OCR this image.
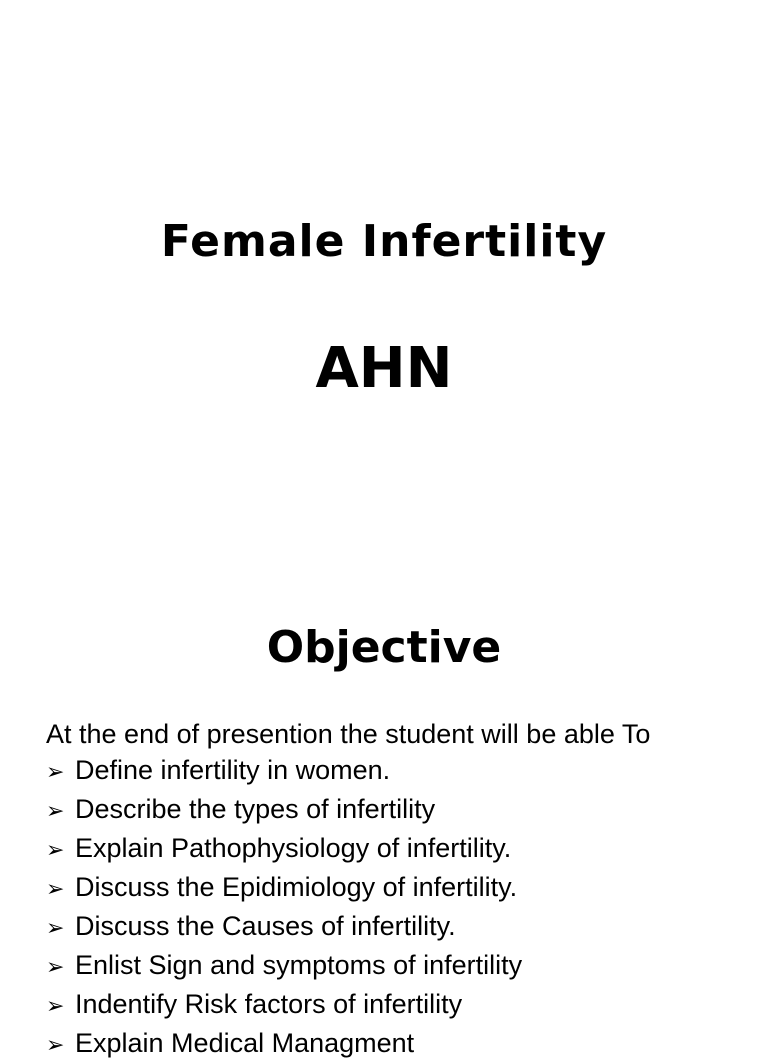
Female Infertility
AHN
Objective

At the end of presention the student will be able To

➢ Define infertility in women.
➢ Describe the types of infertility
➢ Explain Pathophysiology of infertility.
➢ Discuss the Epidimiology of infertility.
➢ Discuss the Causes of infertility.
➢ Enlist Sign and symptoms of infertility
➢ Indentify Risk factors of infertility
➢ Explain Medical Managment
